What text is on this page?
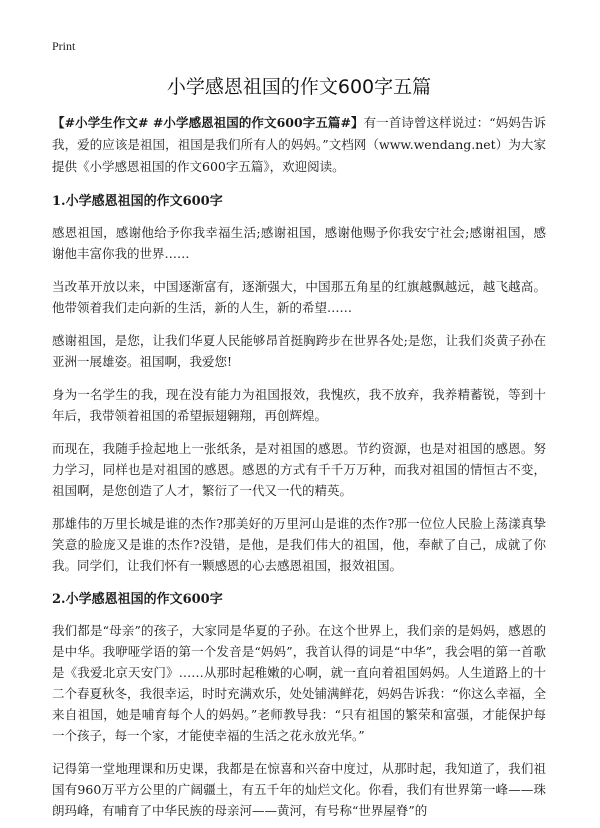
Print
小学感恩祖国的作文600字五篇

【#小学生作文# #小学感恩祖国的作文600字五篇#】有一首诗曾这样说过：“妈妈告诉我，爱的应该是祖国，祖国是我们所有人的妈妈。”文档网（www.wendang.net）为大家提供《小学感恩祖国的作文600字五篇》，欢迎阅读。

1.小学感恩祖国的作文600字

感恩祖国，感谢他给予你我幸福生活;感谢祖国，感谢他赐予你我安宁社会;感谢祖国，感谢他丰富你我的世界……

当改革开放以来，中国逐渐富有，逐渐强大，中国那五角星的红旗越飘越远，越飞越高。他带领着我们走向新的生活，新的人生，新的希望……

感谢祖国，是您，让我们华夏人民能够昂首挺胸跨步在世界各处;是您，让我们炎黄子孙在亚洲一展雄姿。祖国啊，我爱您!

身为一名学生的我，现在没有能力为祖国报效，我愧疚，我不放弃，我养精蓄锐，等到十年后，我带领着祖国的希望振翅翱翔，再创辉煌。

而现在，我随手捡起地上一张纸条，是对祖国的感恩。节约资源，也是对祖国的感恩。努力学习，同样也是对祖国的感恩。感恩的方式有千千万万种，而我对祖国的情恒古不变，祖国啊，是您创造了人才，繁衍了一代又一代的精英。

那雄伟的万里长城是谁的杰作?那美好的万里河山是谁的杰作?那一位位人民脸上荡漾真挚笑意的脸庞又是谁的杰作?没错，是他，是我们伟大的祖国，他，奉献了自己，成就了你我。同学们，让我们怀有一颗感恩的心去感恩祖国，报效祖国。

2.小学感恩祖国的作文600字

我们都是“母亲”的孩子，大家同是华夏的子孙。在这个世界上，我们亲的是妈妈，感恩的是中华。我咿哑学语的第一个发音是“妈妈”，我首认得的词是“中华”，我会唱的第一首歌是《我爱北京天安门》……从那时起稚嫩的心啊，就一直向着祖国妈妈。人生道路上的十二个春夏秋冬，我很幸运，时时充满欢乐，处处铺满鲜花，妈妈告诉我：“你这么幸福，全来自祖国，她是哺育每个人的妈妈。”老师教导我：“只有祖国的繁荣和富强，才能保护每一个孩子，每一个家，才能使幸福的生活之花永放光华。”

记得第一堂地理课和历史课，我都是在惊喜和兴奋中度过，从那时起，我知道了，我们祖国有960万平方公里的广阔疆土，有五千年的灿烂文化。你看，我们有世界第一峰——珠朗玛峰，有哺育了中华民族的母亲河——黄河，有号称“世界屋脊”的
